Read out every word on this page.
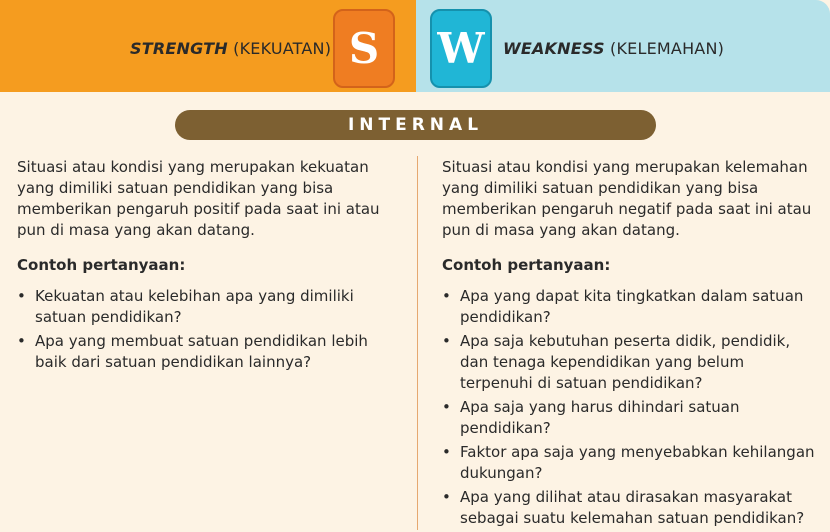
STRENGTH (KEKUATAN) S	W	WEAKNESS (KELEMAHAN)
INTERNAL

Situasi atau kondisi yang merupakan kekuatan yang dimiliki satuan pendidikan yang bisa memberikan pengaruh positif pada saat ini atau pun di masa yang akan datang.

Contoh pertanyaan:

• Kekuatan atau kelebihan apa yang dimiliki satuan pendidikan?
• Apa yang membuat satuan pendidikan lebih baik dari satuan pendidikan lainnya?

Situasi atau kondisi yang merupakan kelemahan yang dimiliki satuan pendidikan yang bisa memberikan pengaruh negatif pada saat ini atau pun di masa yang akan datang.

Contoh pertanyaan:

• Apa yang dapat kita tingkatkan dalam satuan pendidikan?
• Apa saja kebutuhan peserta didik, pendidik, dan tenaga kependidikan yang belum terpenuhi di satuan pendidikan?
• Apa saja yang harus dihindari satuan pendidikan?
• Faktor apa saja yang menyebabkan kehilangan dukungan?
• Apa yang dilihat atau dirasakan masyarakat sebagai suatu kelemahan satuan pendidikan?
